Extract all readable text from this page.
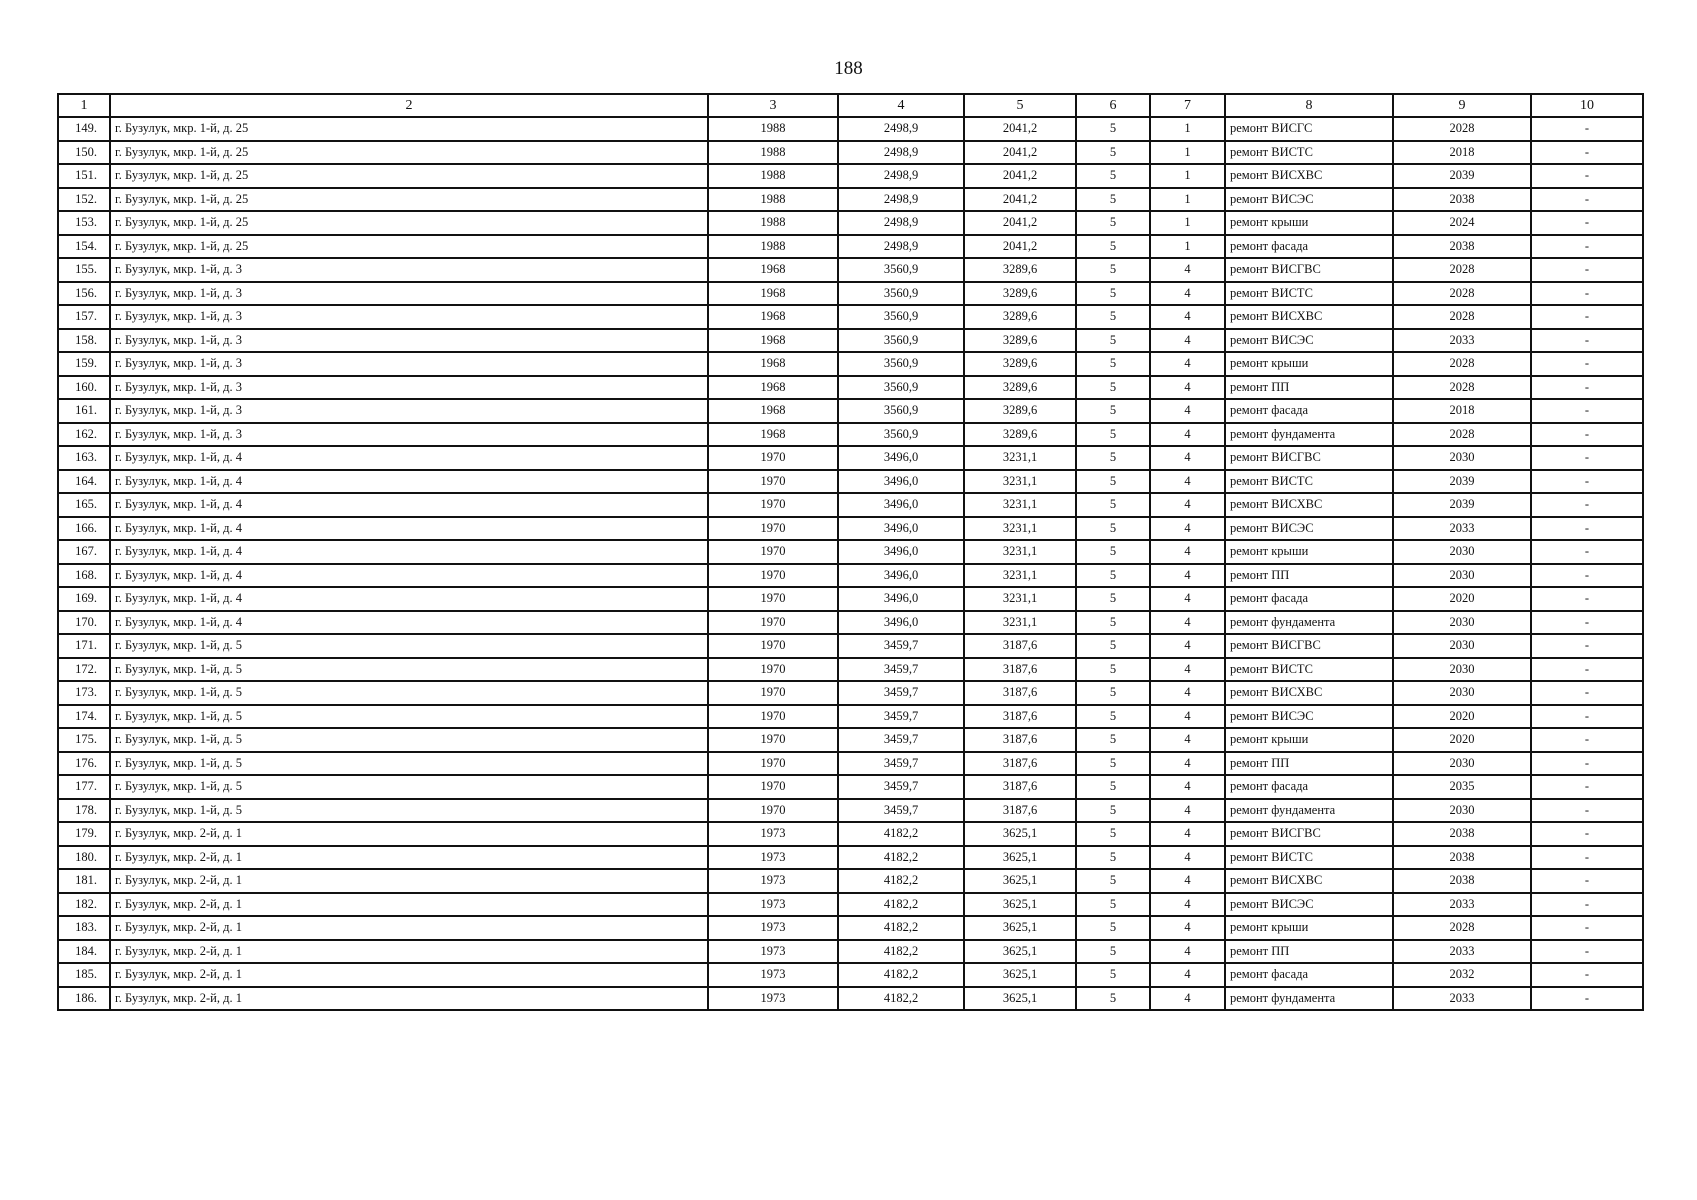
188
1	2	3	4	5	6	7	8	9	10
149.	г. Бузулук, мкр. 1-й, д. 25	1988	2498,9	2041,2	5	1	ремонт ВИСГС	2028	-
150.	г. Бузулук, мкр. 1-й, д. 25	1988	2498,9	2041,2	5	1	ремонт ВИСТС	2018	-
151.	г. Бузулук, мкр. 1-й, д. 25	1988	2498,9	2041,2	5	1	ремонт ВИСХВС	2039	-
152.	г. Бузулук, мкр. 1-й, д. 25	1988	2498,9	2041,2	5	1	ремонт ВИСЭС	2038	-
153.	г. Бузулук, мкр. 1-й, д. 25	1988	2498,9	2041,2	5	1	ремонт крыши	2024	-
154.	г. Бузулук, мкр. 1-й, д. 25	1988	2498,9	2041,2	5	1	ремонт фасада	2038	-
155.	г. Бузулук, мкр. 1-й, д. 3	1968	3560,9	3289,6	5	4	ремонт ВИСГВС	2028	-
156.	г. Бузулук, мкр. 1-й, д. 3	1968	3560,9	3289,6	5	4	ремонт ВИСТС	2028	-
157.	г. Бузулук, мкр. 1-й, д. 3	1968	3560,9	3289,6	5	4	ремонт ВИСХВС	2028	-
158.	г. Бузулук, мкр. 1-й, д. 3	1968	3560,9	3289,6	5	4	ремонт ВИСЭС	2033	-
159.	г. Бузулук, мкр. 1-й, д. 3	1968	3560,9	3289,6	5	4	ремонт крыши	2028	-
160.	г. Бузулук, мкр. 1-й, д. 3	1968	3560,9	3289,6	5	4	ремонт ПП	2028	-
161.	г. Бузулук, мкр. 1-й, д. 3	1968	3560,9	3289,6	5	4	ремонт фасада	2018	-
162.	г. Бузулук, мкр. 1-й, д. 3	1968	3560,9	3289,6	5	4	ремонт фундамента	2028	-
163.	г. Бузулук, мкр. 1-й, д. 4	1970	3496,0	3231,1	5	4	ремонт ВИСГВС	2030	-
164.	г. Бузулук, мкр. 1-й, д. 4	1970	3496,0	3231,1	5	4	ремонт ВИСТС	2039	-
165.	г. Бузулук, мкр. 1-й, д. 4	1970	3496,0	3231,1	5	4	ремонт ВИСХВС	2039	-
166.	г. Бузулук, мкр. 1-й, д. 4	1970	3496,0	3231,1	5	4	ремонт ВИСЭС	2033	-
167.	г. Бузулук, мкр. 1-й, д. 4	1970	3496,0	3231,1	5	4	ремонт крыши	2030	-
168.	г. Бузулук, мкр. 1-й, д. 4	1970	3496,0	3231,1	5	4	ремонт ПП	2030	-
169.	г. Бузулук, мкр. 1-й, д. 4	1970	3496,0	3231,1	5	4	ремонт фасада	2020	-
170.	г. Бузулук, мкр. 1-й, д. 4	1970	3496,0	3231,1	5	4	ремонт фундамента	2030	-
171.	г. Бузулук, мкр. 1-й, д. 5	1970	3459,7	3187,6	5	4	ремонт ВИСГВС	2030	-
172.	г. Бузулук, мкр. 1-й, д. 5	1970	3459,7	3187,6	5	4	ремонт ВИСТС	2030	-
173.	г. Бузулук, мкр. 1-й, д. 5	1970	3459,7	3187,6	5	4	ремонт ВИСХВС	2030	-
174.	г. Бузулук, мкр. 1-й, д. 5	1970	3459,7	3187,6	5	4	ремонт ВИСЭС	2020	-
175.	г. Бузулук, мкр. 1-й, д. 5	1970	3459,7	3187,6	5	4	ремонт крыши	2020	-
176.	г. Бузулук, мкр. 1-й, д. 5	1970	3459,7	3187,6	5	4	ремонт ПП	2030	-
177.	г. Бузулук, мкр. 1-й, д. 5	1970	3459,7	3187,6	5	4	ремонт фасада	2035	-
178.	г. Бузулук, мкр. 1-й, д. 5	1970	3459,7	3187,6	5	4	ремонт фундамента	2030	-
179.	г. Бузулук, мкр. 2-й, д. 1	1973	4182,2	3625,1	5	4	ремонт ВИСГВС	2038	-
180.	г. Бузулук, мкр. 2-й, д. 1	1973	4182,2	3625,1	5	4	ремонт ВИСТС	2038	-
181.	г. Бузулук, мкр. 2-й, д. 1	1973	4182,2	3625,1	5	4	ремонт ВИСХВС	2038	-
182.	г. Бузулук, мкр. 2-й, д. 1	1973	4182,2	3625,1	5	4	ремонт ВИСЭС	2033	-
183.	г. Бузулук, мкр. 2-й, д. 1	1973	4182,2	3625,1	5	4	ремонт крыши	2028	-
184.	г. Бузулук, мкр. 2-й, д. 1	1973	4182,2	3625,1	5	4	ремонт ПП	2033	-
185.	г. Бузулук, мкр. 2-й, д. 1	1973	4182,2	3625,1	5	4	ремонт фасада	2032	-
186.	г. Бузулук, мкр. 2-й, д. 1	1973	4182,2	3625,1	5	4	ремонт фундамента	2033	-
